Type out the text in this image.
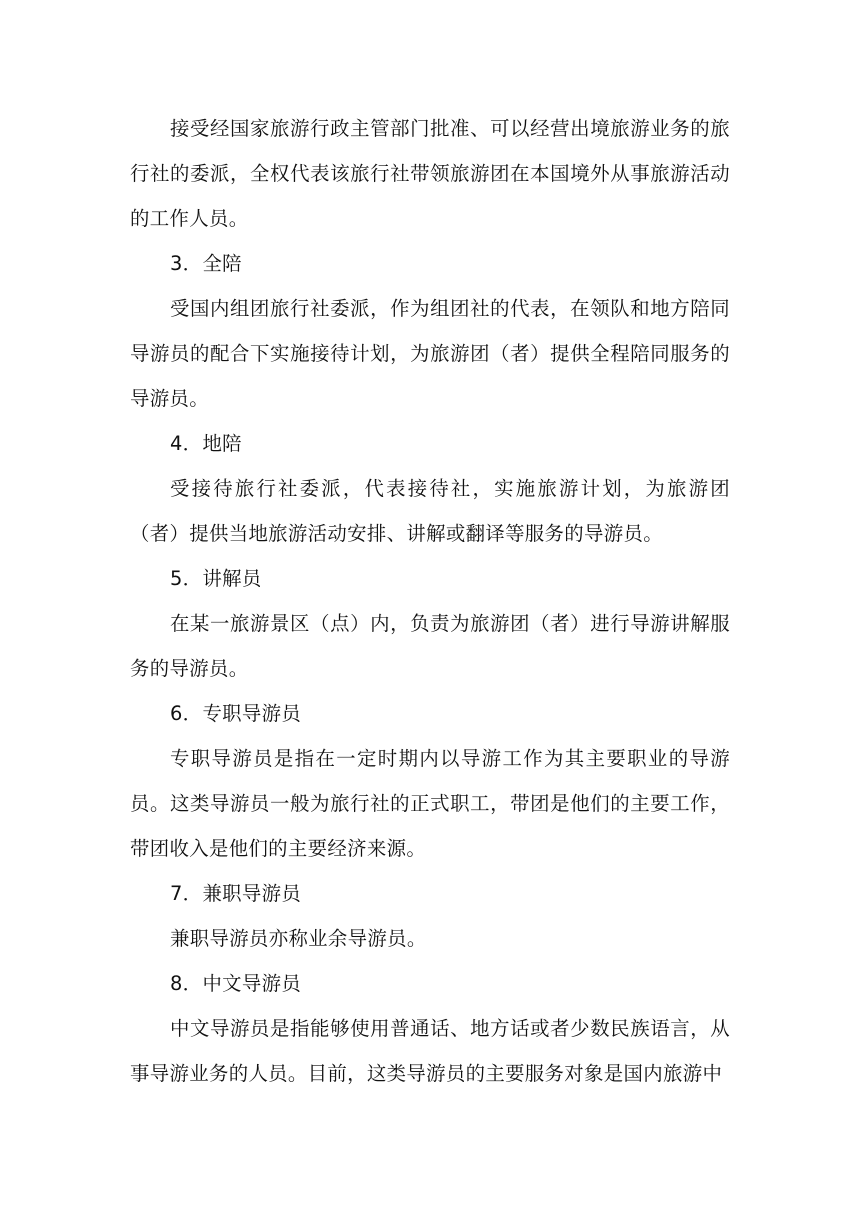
接受经国家旅游行政主管部门批准、可以经营出境旅游业务的旅行社的委派，全权代表该旅行社带领旅游团在本国境外从事旅游活动的工作人员。

3．全陪

受国内组团旅行社委派，作为组团社的代表，在领队和地方陪同导游员的配合下实施接待计划，为旅游团（者）提供全程陪同服务的导游员。

4．地陪

受接待旅行社委派，代表接待社，实施旅游计划，为旅游团（者）提供当地旅游活动安排、讲解或翻译等服务的导游员。

5．讲解员

在某一旅游景区（点）内，负责为旅游团（者）进行导游讲解服务的导游员。

6．专职导游员

专职导游员是指在一定时期内以导游工作为其主要职业的导游员。这类导游员一般为旅行社的正式职工，带团是他们的主要工作，带团收入是他们的主要经济来源。

7．兼职导游员

兼职导游员亦称业余导游员。

8．中文导游员

中文导游员是指能够使用普通话、地方话或者少数民族语言，从事导游业务的人员。目前，这类导游员的主要服务对象是国内旅游中
